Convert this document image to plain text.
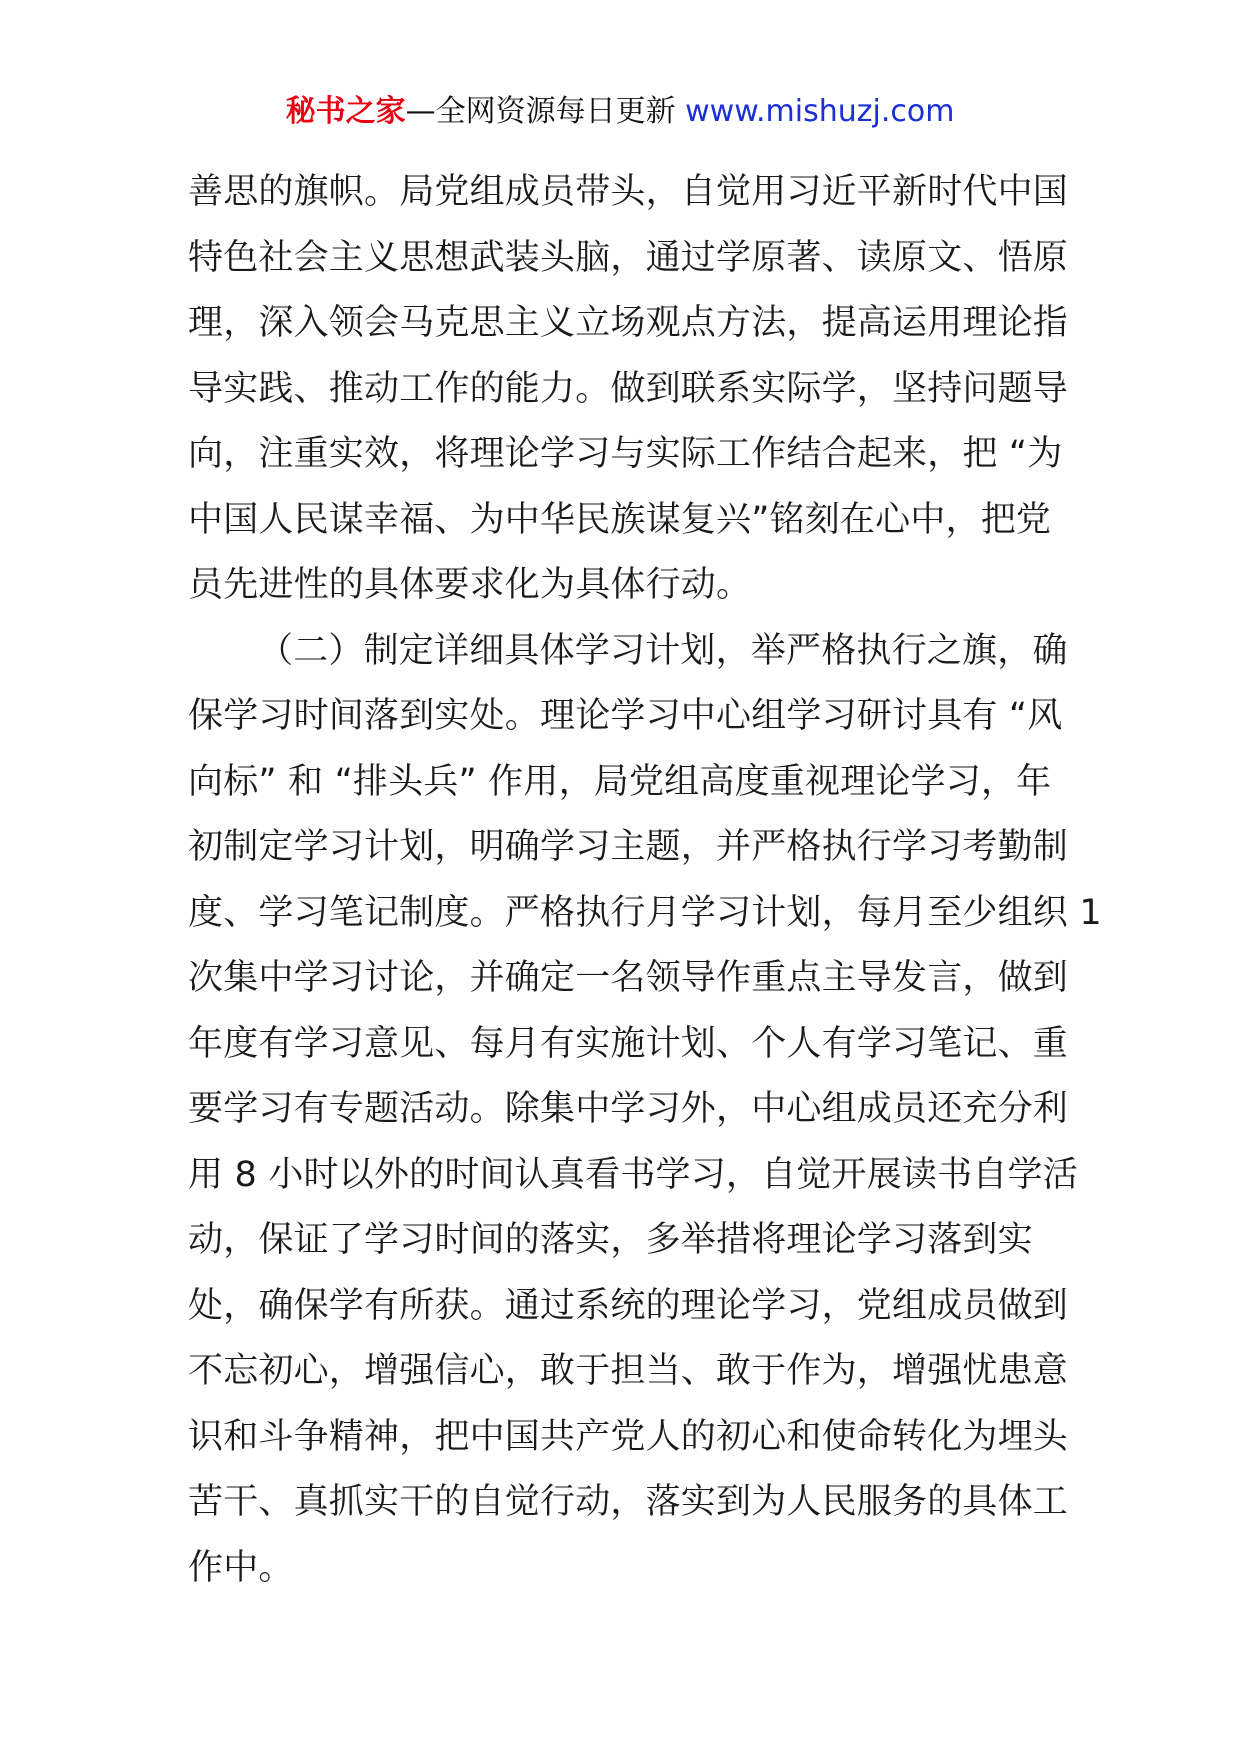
秘书之家—全网资源每日更新 www.mishuzj.com
善思的旗帜。局党组成员带头，自觉用习近平新时代中国
特色社会主义思想武装头脑，通过学原著、读原文、悟原
理，深入领会马克思主义立场观点方法，提高运用理论指
导实践、推动工作的能力。做到联系实际学，坚持问题导
向，注重实效，将理论学习与实际工作结合起来，把 “为
中国人民谋幸福、为中华民族谋复兴”铭刻在心中，把党
员先进性的具体要求化为具体行动。
（二）制定详细具体学习计划，举严格执行之旗，确
保学习时间落到实处。理论学习中心组学习研讨具有 “风
向标” 和 “排头兵” 作用，局党组高度重视理论学习，年
初制定学习计划，明确学习主题，并严格执行学习考勤制
度、学习笔记制度。严格执行月学习计划，每月至少组织 1
次集中学习讨论，并确定一名领导作重点主导发言，做到
年度有学习意见、每月有实施计划、个人有学习笔记、重
要学习有专题活动。除集中学习外，中心组成员还充分利
用 8 小时以外的时间认真看书学习，自觉开展读书自学活
动，保证了学习时间的落实，多举措将理论学习落到实
处，确保学有所获。通过系统的理论学习，党组成员做到
不忘初心，增强信心，敢于担当、敢于作为，增强忧患意
识和斗争精神，把中国共产党人的初心和使命转化为埋头
苦干、真抓实干的自觉行动，落实到为人民服务的具体工
作中。
